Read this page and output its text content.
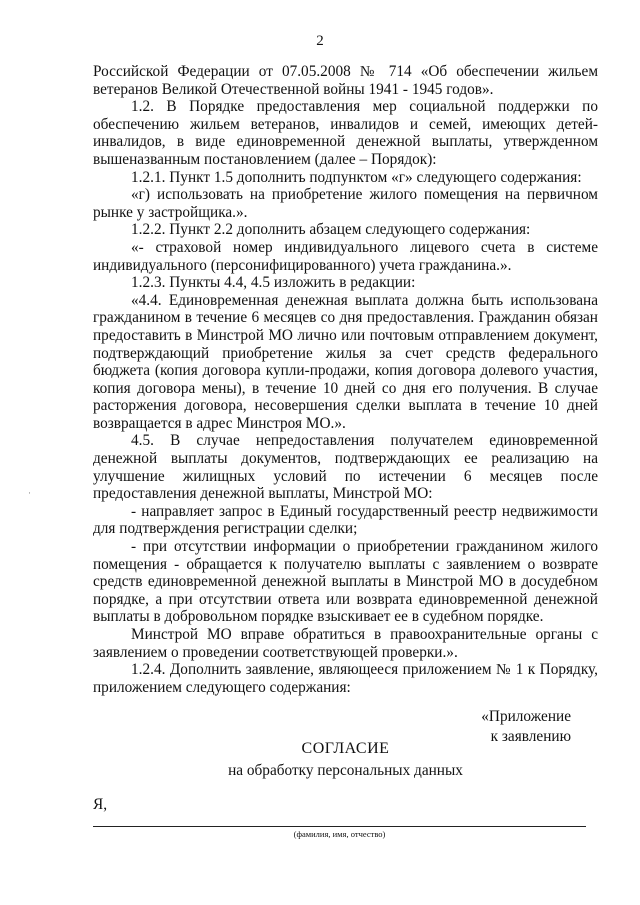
2
·

Российской Федерации от 07.05.2008 № 714 «Об обеспечении жильем ветеранов Великой Отечественной войны 1941 - 1945 годов».

1.2. В Порядке предоставления мер социальной поддержки по обеспечению жильем ветеранов, инвалидов и семей, имеющих детей-инвалидов, в виде единовременной денежной выплаты, утвержденном вышеназванным постановлением (далее – Порядок):

1.2.1. Пункт 1.5 дополнить подпунктом «г» следующего содержания:

«г) использовать на приобретение жилого помещения на первичном рынке у застройщика.».

1.2.2. Пункт 2.2 дополнить абзацем следующего содержания:

«- страховой номер индивидуального лицевого счета в системе индивидуального (персонифицированного) учета гражданина.».

1.2.3. Пункты 4.4, 4.5 изложить в редакции:

«4.4. Единовременная денежная выплата должна быть использована гражданином в течение 6 месяцев со дня предоставления. Гражданин обязан предоставить в Минстрой МО лично или почтовым отправлением документ, подтверждающий приобретение жилья за счет средств федерального бюджета (копия договора купли-продажи, копия договора долевого участия, копия договора мены), в течение 10 дней со дня его получения. В случае расторжения договора, несовершения сделки выплата в течение 10 дней возвращается в адрес Минстроя МО.».

4.5. В случае непредоставления получателем единовременной денежной выплаты документов, подтверждающих ее реализацию на улучшение жилищных условий по истечении 6 месяцев после предоставления денежной выплаты, Минстрой МО:

- направляет запрос в Единый государственный реестр недвижимости для подтверждения регистрации сделки;

- при отсутствии информации о приобретении гражданином жилого помещения - обращается к получателю выплаты с заявлением о возврате средств единовременной денежной выплаты в Минстрой МО в досудебном порядке, а при отсутствии ответа или возврата единовременной денежной выплаты в добровольном порядке взыскивает ее в судебном порядке.

Минстрой МО вправе обратиться в правоохранительные органы с заявлением о проведении соответствующей проверки.».

1.2.4. Дополнить заявление, являющееся приложением № 1 к Порядку, приложением следующего содержания:

«Приложение
к заявлению
СОГЛАСИЕ
на обработку персональных данных
Я,
(фамилия, имя, отчество)
